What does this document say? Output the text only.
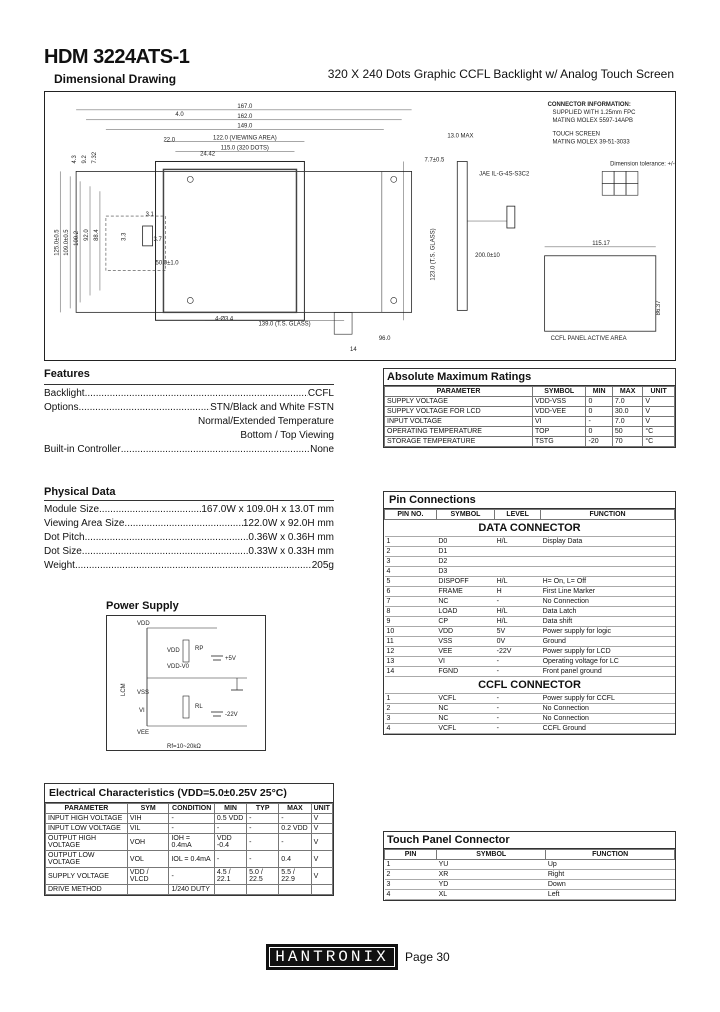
HDM 3224ATS-1
Dimensional Drawing	320 X 240 Dots Graphic CCFL Backlight w/ Analog Touch Screen
167.0
162.0
149.0
122.0 (VIEWING AREA)
115.0 (320 DOTS)
4.0
22.0
24.42
125.0±0.5 109.0±0.5 100.2 92.0 88.4
4.3 9.2 7.32
3.1
3.3	3.7
50.0±1.0
4-Ø3.4
139.0 (T.S. GLASS)
14
96.0
13.0 MAX
7.7±0.5
123.0 (T.S. GLASS)
JAE IL-G-4S-S3C2
200.0±10
CONNECTOR INFORMATION:
SUPPLIED WITH 1.25mm FPC
MATING MOLEX 5597-14APB
TOUCH SCREEN
MATING MOLEX 39-51-3033
Dimension tolerance: +/-
115.17
86.37
CCFL PANEL ACTIVE AREA
Features
Backlight .....	CCFL
Options .....	STN/Black and White FSTN
Normal/Extended Temperature
Bottom / Top Viewing
Built-in Controller .....	None
Physical Data
Module Size .....	167.0W x 109.0H x 13.0T mm
Viewing Area Size .....	122.0W x 92.0H mm
Dot Pitch .....	0.36W x 0.36H mm
Dot Size .....	0.33W x 0.33H mm
Weight .....	205g
Power Supply
VDD
VDD	RP
+5V
VDD-V0
VSS
VI
RL
-22V
VEE
Rf=10~20kΩ
LCM
Electrical Characteristics (VDD=5.0±0.25V 25°C)
PARAMETER	SYM	CONDITION	MIN	TYP	MAX	UNIT
INPUT HIGH VOLTAGE	VIH	-	0.5 VDD	-	-	V
INPUT LOW VOLTAGE	VIL	-	-	-	0.2 VDD	V
OUTPUT HIGH VOLTAGE	VOH	IOH = 0.4mA	VDD -0.4	-	-	V
OUTPUT LOW VOLTAGE	VOL	IOL = 0.4mA	-	-	0.4	V
SUPPLY VOLTAGE	VDD / VLCD	-	4.5 / 22.1	5.0 / 22.5	5.5 / 22.9	V
DRIVE METHOD		1/240 DUTY				
Absolute Maximum Ratings
PARAMETER	SYMBOL	MIN	MAX	UNIT
SUPPLY VOLTAGE	VDD-VSS	0	7.0	V
SUPPLY VOLTAGE FOR LCD	VDD-VEE	0	30.0	V
INPUT VOLTAGE	VI	-	7.0	V
OPERATING TEMPERATURE	TOP	0	50	°C
STORAGE TEMPERATURE	TSTG	-20	70	°C
Pin Connections
PIN NO.	SYMBOL	LEVEL	FUNCTION
DATA CONNECTOR			
1	D0	H/L	Display Data
2	D1		
3	D2		
4	D3		
5	DISPOFF	H/L	H= On, L= Off
6	FRAME	H	First Line Marker
7	NC	-	No Connection
8	LOAD	H/L	Data Latch
9	CP	H/L	Data shift
10	VDD	5V	Power supply for logic
11	VSS	0V	Ground
12	VEE	-22V	Power supply for LCD
13	VI	-	Operating voltage for LC
14	FGND	-	Front panel ground
CCFL CONNECTOR			
1	VCFL	-	Power supply for CCFL
2	NC	-	No Connection
3	NC	-	No Connection
4	VCFL	-	CCFL Ground
Touch Panel Connector
PIN	SYMBOL	FUNCTION
1	YU	Up
2	XR	Right
3	YD	Down
4	XL	Left
HANTRONIX	Page 30
